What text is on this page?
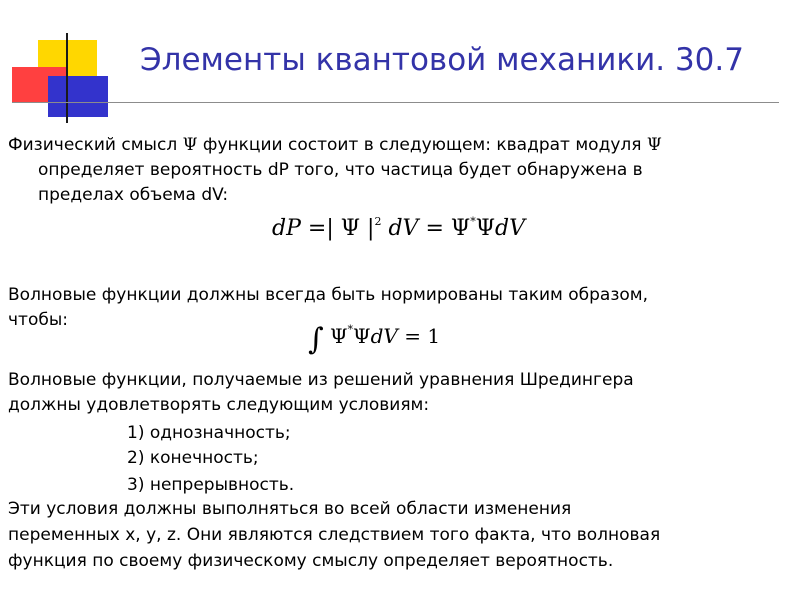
Элементы квантовой механики. 30.7
Физический смысл Ψ функции состоит в следующем: квадрат модуля Ψ
определяет вероятность dP того, что частица будет обнаружена в
пределах объема dV:
dP =| Ψ $|^2$ dV = Ψ*ΨdV
Волновые функции должны всегда быть нормированы таким образом,
чтобы:
∫ Ψ*ΨdV = 1
Волновые функции, получаемые из решений уравнения Шредингера
должны удовлетворять следующим условиям:
1) однозначность;
2) конечность;
3) непрерывность.
Эти условия должны выполняться во всей области изменения
переменных x, y, z. Они являются следствием того факта, что волновая
функция по своему физическому смыслу определяет вероятность.
